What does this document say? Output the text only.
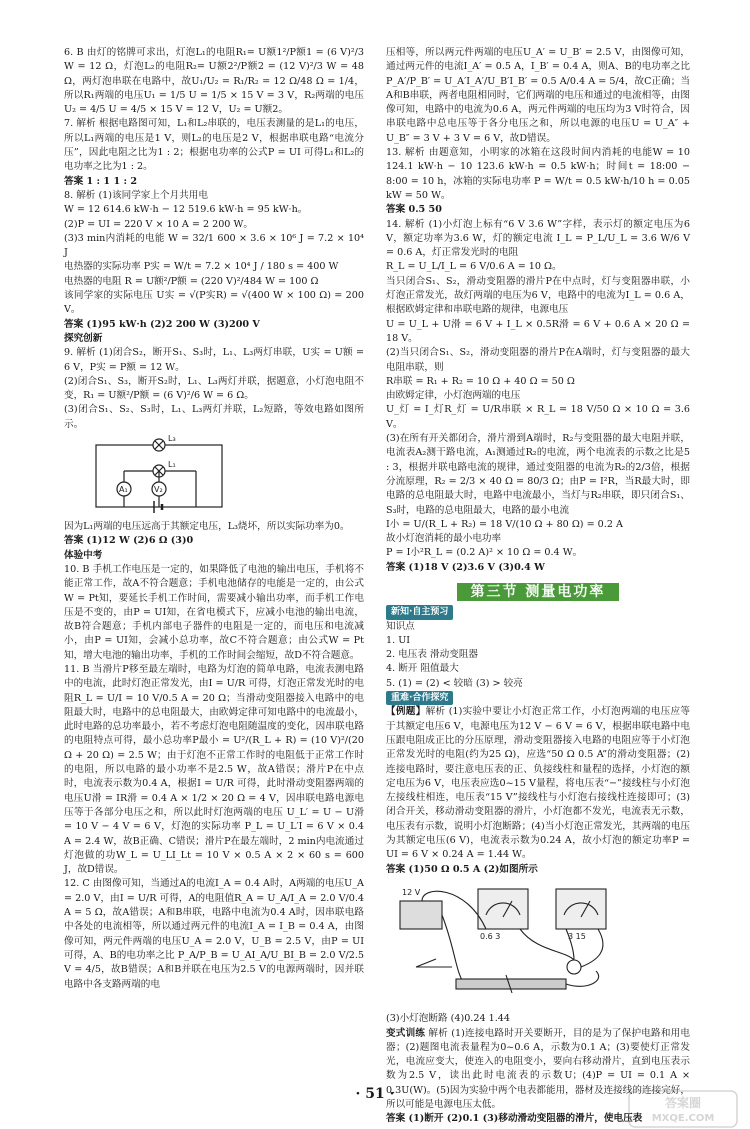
6. B 由灯的铭牌可求出，灯泡L₁的电阻R₁= U额1²/P额1 = (6 V)²/3 W = 12 Ω，灯泡L₂的电阻R₂= U额2²/P额2 = (12 V)²/3 W = 48 Ω，两灯泡串联在电路中，故U₁/U₂ = R₁/R₂ = 12 Ω/48 Ω = 1/4，所以R₁两端的电压U₁ = 1/5 U = 1/5 × 15 V = 3 V，R₂两端的电压U₂ = 4/5 U = 4/5 × 15 V = 12 V，U₂ = U额2。

7. 解析 根据电路图可知，L₁和L₂串联的，电压表测量的是L₁的电压，所以L₁两端的电压是1 V，则L₂的电压是2 V，根据串联电路“电流分压”，因此电阻之比为1 : 2；根据电功率的公式P = UI 可得L₁和L₂的电功率之比为1 : 2。

答案 1 : 1 1 : 2

8. 解析 (1)该同学家上个月共用电

W = 12 614.6 kW·h − 12 519.6 kW·h = 95 kW·h。

(2)P = UI = 220 V × 10 A = 2 200 W。

(3)3 min内消耗的电能 W = 32/1 600 × 3.6 × 10⁶ J = 7.2 × 10⁴ J

电热器的实际功率 P实 = W/t = 7.2 × 10⁴ J / 180 s = 400 W

电热器的电阻 R = U额²/P额 = (220 V)²/484 W = 100 Ω

该同学家的实际电压 U实 = √(P实R) = √(400 W × 100 Ω) = 200 V。

答案 (1)95 kW·h (2)2 200 W (3)200 V

探究创新

9. 解析 (1)闭合S₂，断开S₁、S₃时，L₁、L₃两灯串联，U实 = U额 = 6 V，P实 = P额 = 12 W。

(2)闭合S₁、S₃，断开S₂时，L₁、L₃两灯并联，据题意，小灯泡电阻不变，R₁ = U额²/P额 = (6 V)²/6 W = 6 Ω。

(3)闭合S₁、S₂、S₃时，L₁、L₃两灯并联，L₂短路，等效电路如图所示。

L₃
L₁
A₁	V₂

因为L₁两端的电压远高于其额定电压，L₃烧坏，所以实际功率为0。

答案 (1)12 W (2)6 Ω (3)0

体验中考

10. B 手机工作电压是一定的，如果降低了电池的输出电压，手机将不能正常工作，故A不符合题意；手机电池储存的电能是一定的，由公式W = Pt知，要延长手机工作时间，需要减小输出功率，而手机工作电压是不变的，由P = UI知，在省电模式下，应减小电池的输出电流，故B符合题意；手机内部电子器件的电阻是一定的，而电压和电流减小，由P = UI知，会减小总功率，故C不符合题意；由公式W = Pt知，增大电池的输出功率，手机的工作时间会缩短，故D不符合题意。

11. B 当滑片P移至最左端时，电路为灯泡的简单电路，电流表测电路中的电流，此时灯泡正常发光，由I = U/R 可得，灯泡正常发光时的电阻R_L = U/I = 10 V/0.5 A = 20 Ω；当滑动变阻器接入电路中的电阻最大时，电路中的总电阻最大，由欧姆定律可知电路中的电流最小，此时电路的总功率最小，若不考虑灯泡电阻随温度的变化，因串联电路的电阻特点可得，最小总功率P最小 = U²/(R_L + R) = (10 V)²/(20 Ω + 20 Ω) = 2.5 W；由于灯泡不正常工作时的电阻低于正常工作时的电阻，所以电路的最小功率不是2.5 W，故A错误；滑片P在中点时，电流表示数为0.4 A，根据I = U/R 可得，此时滑动变阻器两端的电压U滑 = IR滑 = 0.4 A × 1/2 × 20 Ω = 4 V，因串联电路电源电压等于各部分电压之和，所以此时灯泡两端的电压 U_L′ = U − U滑 = 10 V − 4 V = 6 V，灯泡的实际功率 P_L = U_L′I = 6 V × 0.4 A = 2.4 W，故B正确、C错误；滑片P在最左端时，2 min内电流通过灯泡做的功W_L = U_LI_Lt = 10 V × 0.5 A × 2 × 60 s = 600 J，故D错误。

12. C 由图像可知，当通过A的电流I_A = 0.4 A时，A两端的电压U_A = 2.0 V，由I = U/R 可得，A的电阻值R_A = U_A/I_A = 2.0 V/0.4 A = 5 Ω，故A错误；A和B串联，电路中电流为0.4 A时，因串联电路中各处的电流相等，所以通过两元件的电流I_A = I_B = 0.4 A，由图像可知，两元件两端的电压U_A = 2.0 V，U_B = 2.5 V，由P = UI可得，A、B的电功率之比 P_A/P_B = U_AI_A/U_BI_B = 2.0 V/2.5 V = 4/5，故B错误；A和B并联在电压为2.5 V的电源两端时，因并联电路中各支路两端的电

压相等，所以两元件两端的电压U_A′ = U_B′ = 2.5 V，由图像可知，通过两元件的电流I_A′ = 0.5 A，I_B′ = 0.4 A，则A、B的电功率之比 P_A′/P_B′ = U_A′I_A′/U_B′I_B′ = 0.5 A/0.4 A = 5/4，故C正确；当A和B串联，两者电阻相同时，它们两端的电压和通过的电流相等，由图像可知，电路中的电流为0.6 A，两元件两端的电压均为3 V时符合，因串联电路中总电压等于各分电压之和，所以电源的电压U = U_A″ + U_B″ = 3 V + 3 V = 6 V，故D错误。

13. 解析 由题意知，小明家的冰箱在这段时间内消耗的电能W = 10 124.1 kW·h − 10 123.6 kW·h = 0.5 kW·h；时间t = 18:00 − 8:00 = 10 h，冰箱的实际电功率 P = W/t = 0.5 kW·h/10 h = 0.05 kW = 50 W。

答案 0.5 50

14. 解析 (1)小灯泡上标有“6 V 3.6 W”字样，表示灯的额定电压为6 V，额定功率为3.6 W，灯的额定电流 I_L = P_L/U_L = 3.6 W/6 V = 0.6 A，灯正常发光时的电阻

R_L = U_L/I_L = 6 V/0.6 A = 10 Ω。

当只闭合S₁、S₂，滑动变阻器的滑片P在中点时，灯与变阻器串联，小灯泡正常发光，故灯两端的电压为6 V，电路中的电流为I_L = 0.6 A，根据欧姆定律和串联电路的规律，电源电压

U = U_L + U滑 = 6 V + I_L × 0.5R滑 = 6 V + 0.6 A × 20 Ω = 18 V。

(2)当只闭合S₁、S₂，滑动变阻器的滑片P在A端时，灯与变阻器的最大电阻串联，则

R串联 = R₁ + R₂ = 10 Ω + 40 Ω = 50 Ω

由欧姆定律，小灯泡两端的电压

U_灯 = I_灯R_灯 = U/R串联 × R_L = 18 V/50 Ω × 10 Ω = 3.6 V。

(3)在所有开关都闭合，滑片滑到A端时，R₂与变阻器的最大电阻并联，电流表A₂测干路电流，A₁测通过R₂的电流，两个电流表的示数之比是5 : 3，根据并联电路电流的规律，通过变阻器的电流为R₂的2/3倍，根据分流原理，R₂ = 2/3 × 40 Ω = 80/3 Ω；由P = I²R，当R最大时，即电路的总电阻最大时，电路中电流最小，当灯与R₂串联，即只闭合S₁、S₃时，电路的总电阻最大，电路的最小电流

I小 = U/(R_L + R₂) = 18 V/(10 Ω + 80 Ω) = 0.2 A

故小灯泡消耗的最小电功率

P = I小²R_L = (0.2 A)² × 10 Ω = 0.4 W。

答案 (1)18 V (2)3.6 V (3)0.4 W

第三节 测量电功率

新知·自主预习

知识点

1. UI

2. 电压表 滑动变阻器

4. 断开 阻值最大

5. (1) = (2) < 较暗 (3) > 较亮

重难·合作探究

【例题】解析 (1)实验中要让小灯泡正常工作，小灯泡两端的电压应等于其额定电压6 V，电源电压为12 V − 6 V = 6 V，根据串联电路中电压跟电阻成正比的分压原理，滑动变阻器接入电路的电阻应等于小灯泡正常发光时的电阻(约为25 Ω)，应选“50 Ω 0.5 A”的滑动变阻器；(2)连接电路时，要注意电压表的正、负接线柱和量程的选择，小灯泡的额定电压为6 V，电压表应选0~15 V量程，将电压表“−”接线柱与小灯泡左接线柱相连，电压表“15 V”接线柱与小灯泡右接线柱连接即可；(3)闭合开关，移动滑动变阻器的滑片，小灯泡都不发光，电流表无示数，电压表有示数，说明小灯泡断路；(4)当小灯泡正常发光，其两端的电压为其额定电压(6 V)，电流表示数为0.24 A，故小灯泡的额定功率P = UI = 6 V × 0.24 A = 1.44 W。

答案 (1)50 Ω 0.5 A (2)如图所示

12 V
0.6 3	3 15

(3)小灯泡断路 (4)0.24 1.44

变式训练 解析 (1)连接电路时开关要断开，目的是为了保护电路和用电器；(2)题图电流表量程为0~0.6 A，示数为0.1 A；(3)要使灯正常发光，电流应变大，使连入的电阻变小，要向右移动滑片，直到电压表示数为2.5 V，读出此时电流表的示数U；(4)P = UI = 0.1 A × 0.3U(W)。(5)因为实验中两个电表都能用，器材及连接线的连接完好，所以可能是电源电压太低。

答案 (1)断开 (2)0.1 (3)移动滑动变阻器的滑片，使电压表

· 51 ·
答案圈
MXQE.COM
